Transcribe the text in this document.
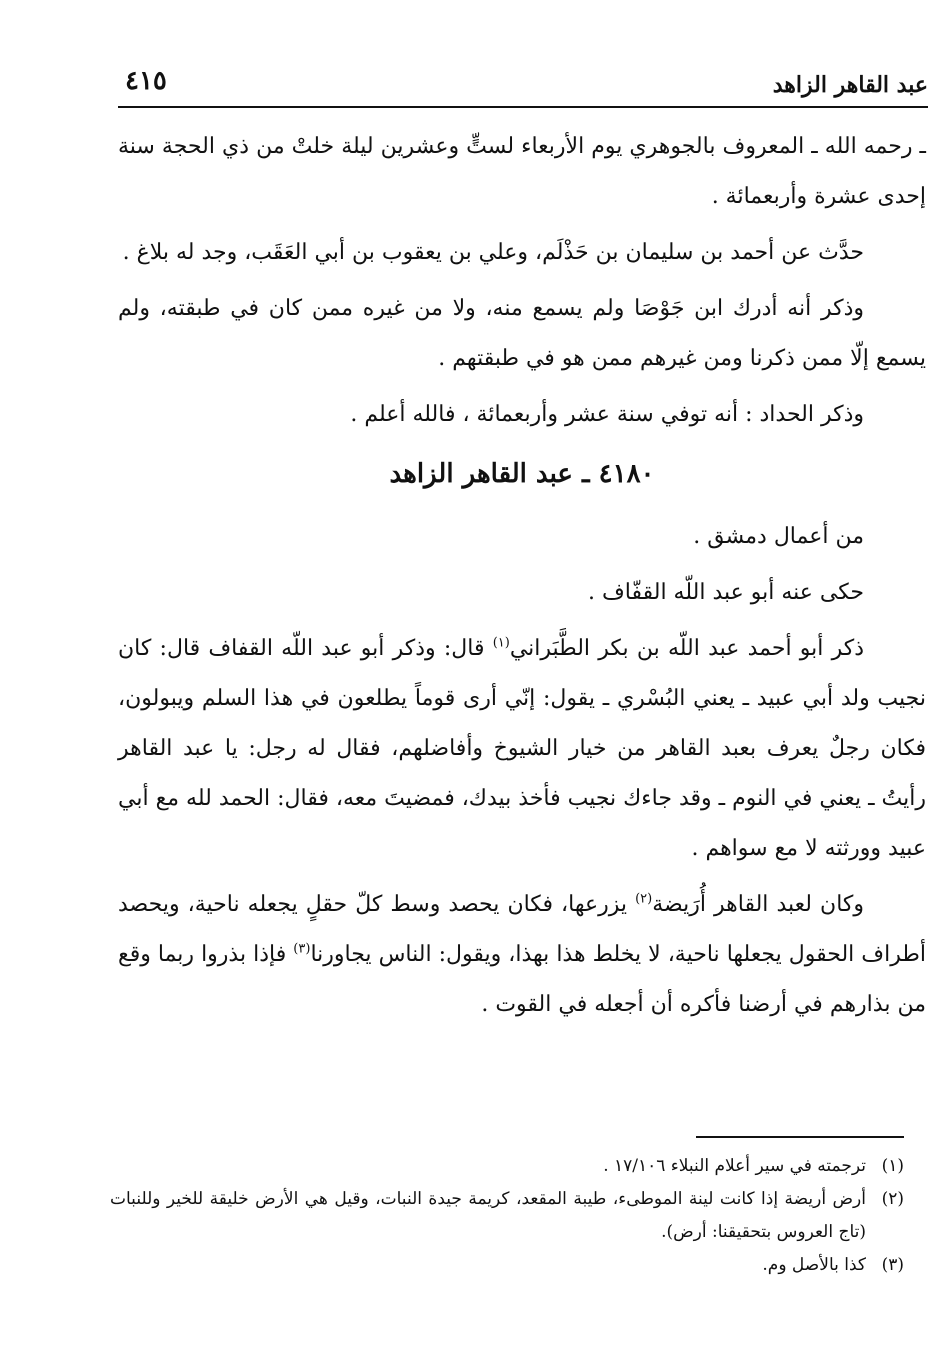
عبد القاهر الزاهد
٤١٥

ـ رحمه الله ـ المعروف بالجوهري يوم الأربعاء لستٍّ وعشرين ليلة خلتْ من ذي الحجة سنة إحدى عشرة وأربعمائة .

حدَّث عن أحمد بن سليمان بن حَذْلَم، وعلي بن يعقوب بن أبي العَقَب، وجد له بلاغ .

وذكر أنه أدرك ابن جَوْصَا ولم يسمع منه، ولا من غيره ممن كان في طبقته، ولم يسمع إلّا ممن ذكرنا ومن غيرهم ممن هو في طبقتهم .

وذكر الحداد : أنه توفي سنة عشر وأربعمائة ، فالله أعلم .

٤١٨٠ ـ عبد القاهر الزاهد

من أعمال دمشق .

حكى عنه أبو عبد اللّه القفّاف .

ذكر أبو أحمد عبد اللّه بن بكر الطَّبَراني$^{(١)}$ قال: وذكر أبو عبد اللّه القفاف قال: كان نجيب ولد أبي عبيد ـ يعني البُسْري ـ يقول: إنّي أرى قوماً يطلعون في هذا السلم ويبولون، فكان رجلٌ يعرف بعبد القاهر من خيار الشيوخ وأفاضلهم، فقال له رجل: يا عبد القاهر رأيتُ ـ يعني في النوم ـ وقد جاءك نجيب فأخذ بيدك، فمضيتَ معه، فقال: الحمد لله مع أبي عبيد وورثته لا مع سواهم .

وكان لعبد القاهر أُرَيضة$^{(٢)}$ يزرعها، فكان يحصد وسط كلّ حقلٍ يجعله ناحية، ويحصد أطراف الحقول يجعلها ناحية، لا يخلط هذا بهذا، ويقول: الناس يجاورنا$^{(٣)}$ فإذا بذروا ربما وقع من بذارهم في أرضنا فأكره أن أجعله في القوت .

(١)
ترجمته في سير أعلام النبلاء ١٧/١٠٦ .
(٢)
أرض أريضة إذا كانت لينة الموطىء، طيبة المقعد، كريمة جيدة النبات، وقيل هي الأرض خليقة للخير وللنبات (تاج العروس بتحقيقنا: أرض).
(٣)
كذا بالأصل وم.
